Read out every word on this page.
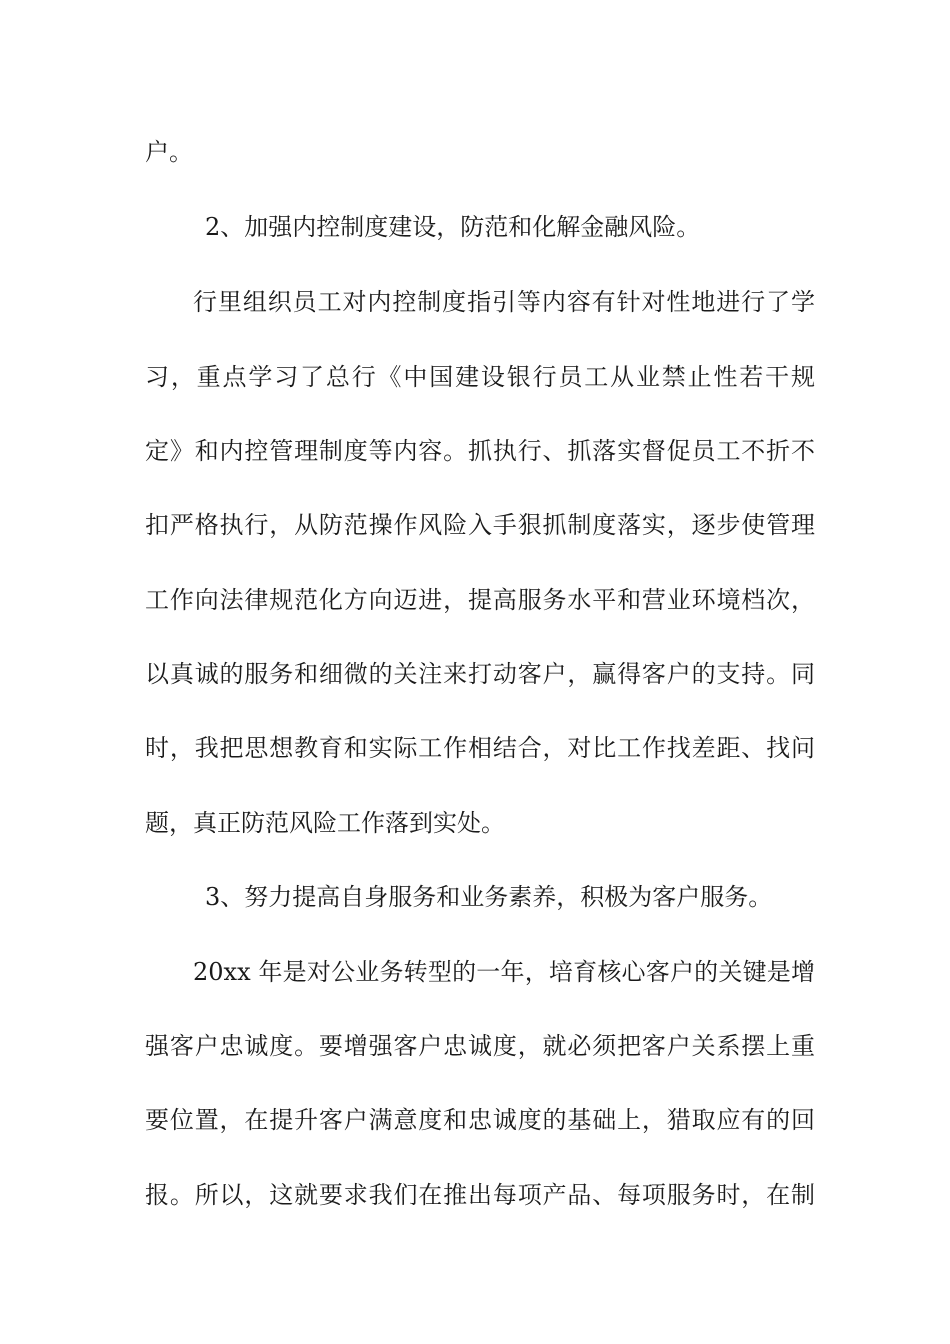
户。
2、加强内控制度建设，防范和化解金融风险。
行里组织员工对内控制度指引等内容有针对性地进行了学
习，重点学习了总行《中国建设银行员工从业禁止性若干规
定》和内控管理制度等内容。抓执行、抓落实督促员工不折不
扣严格执行，从防范操作风险入手狠抓制度落实，逐步使管理
工作向法律规范化方向迈进，提高服务水平和营业环境档次，
以真诚的服务和细微的关注来打动客户，赢得客户的支持。同
时，我把思想教育和实际工作相结合，对比工作找差距、找问
题，真正防范风险工作落到实处。
3、努力提高自身服务和业务素养，积极为客户服务。
20xx 年是对公业务转型的一年，培育核心客户的关键是增
强客户忠诚度。要增强客户忠诚度，就必须把客户关系摆上重
要位置，在提升客户满意度和忠诚度的基础上，猎取应有的回
报。所以，这就要求我们在推出每项产品、每项服务时，在制
